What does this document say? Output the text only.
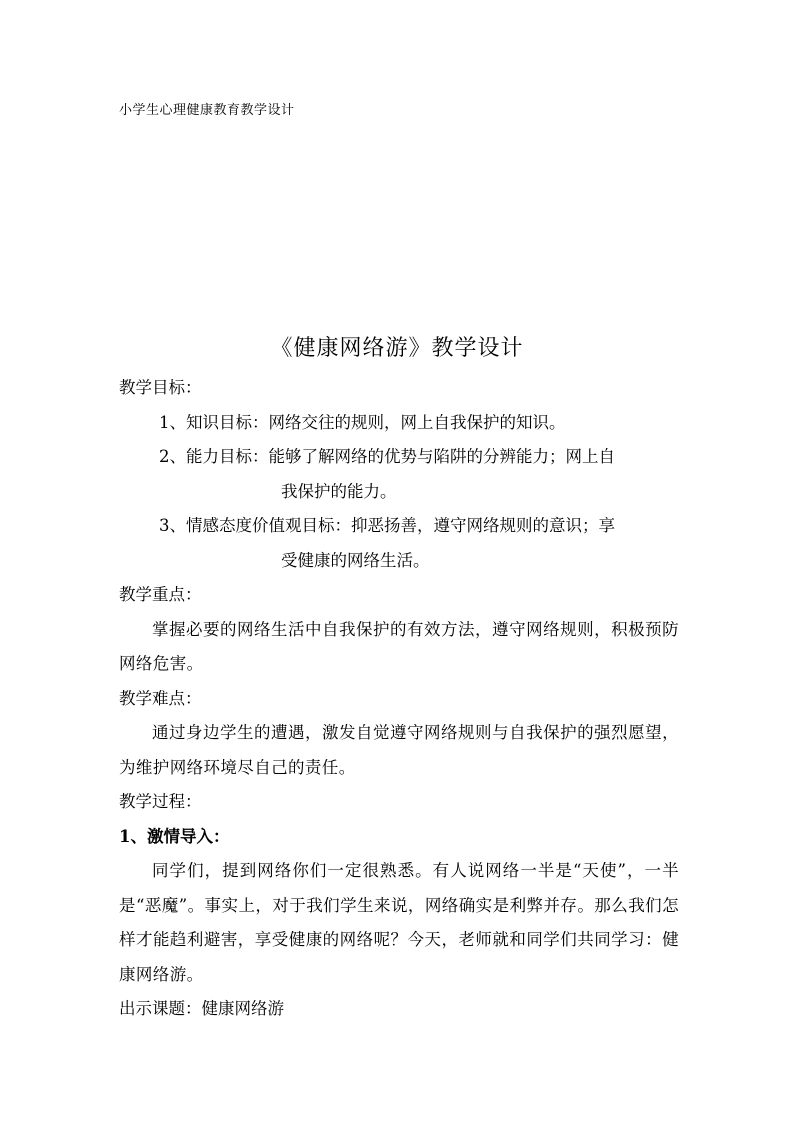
小学生心理健康教育教学设计
《健康网络游》教学设计
教学目标：
1、知识目标：网络交往的规则，网上自我保护的知识。
2、能力目标：能够了解网络的优势与陷阱的分辨能力；网上自
我保护的能力。
3、情感态度价值观目标：抑恶扬善，遵守网络规则的意识；享
受健康的网络生活。
教学重点：
掌握必要的网络生活中自我保护的有效方法，遵守网络规则，积极预防网络危害。
教学难点：
通过身边学生的遭遇，激发自觉遵守网络规则与自我保护的强烈愿望，为维护网络环境尽自己的责任。
教学过程：
1、激情导入：
同学们，提到网络你们一定很熟悉。有人说网络一半是“天使”，一半是“恶魔”。事实上，对于我们学生来说，网络确实是利弊并存。那么我们怎样才能趋利避害，享受健康的网络呢？今天，老师就和同学们共同学习：健康网络游。
出示课题：健康网络游
